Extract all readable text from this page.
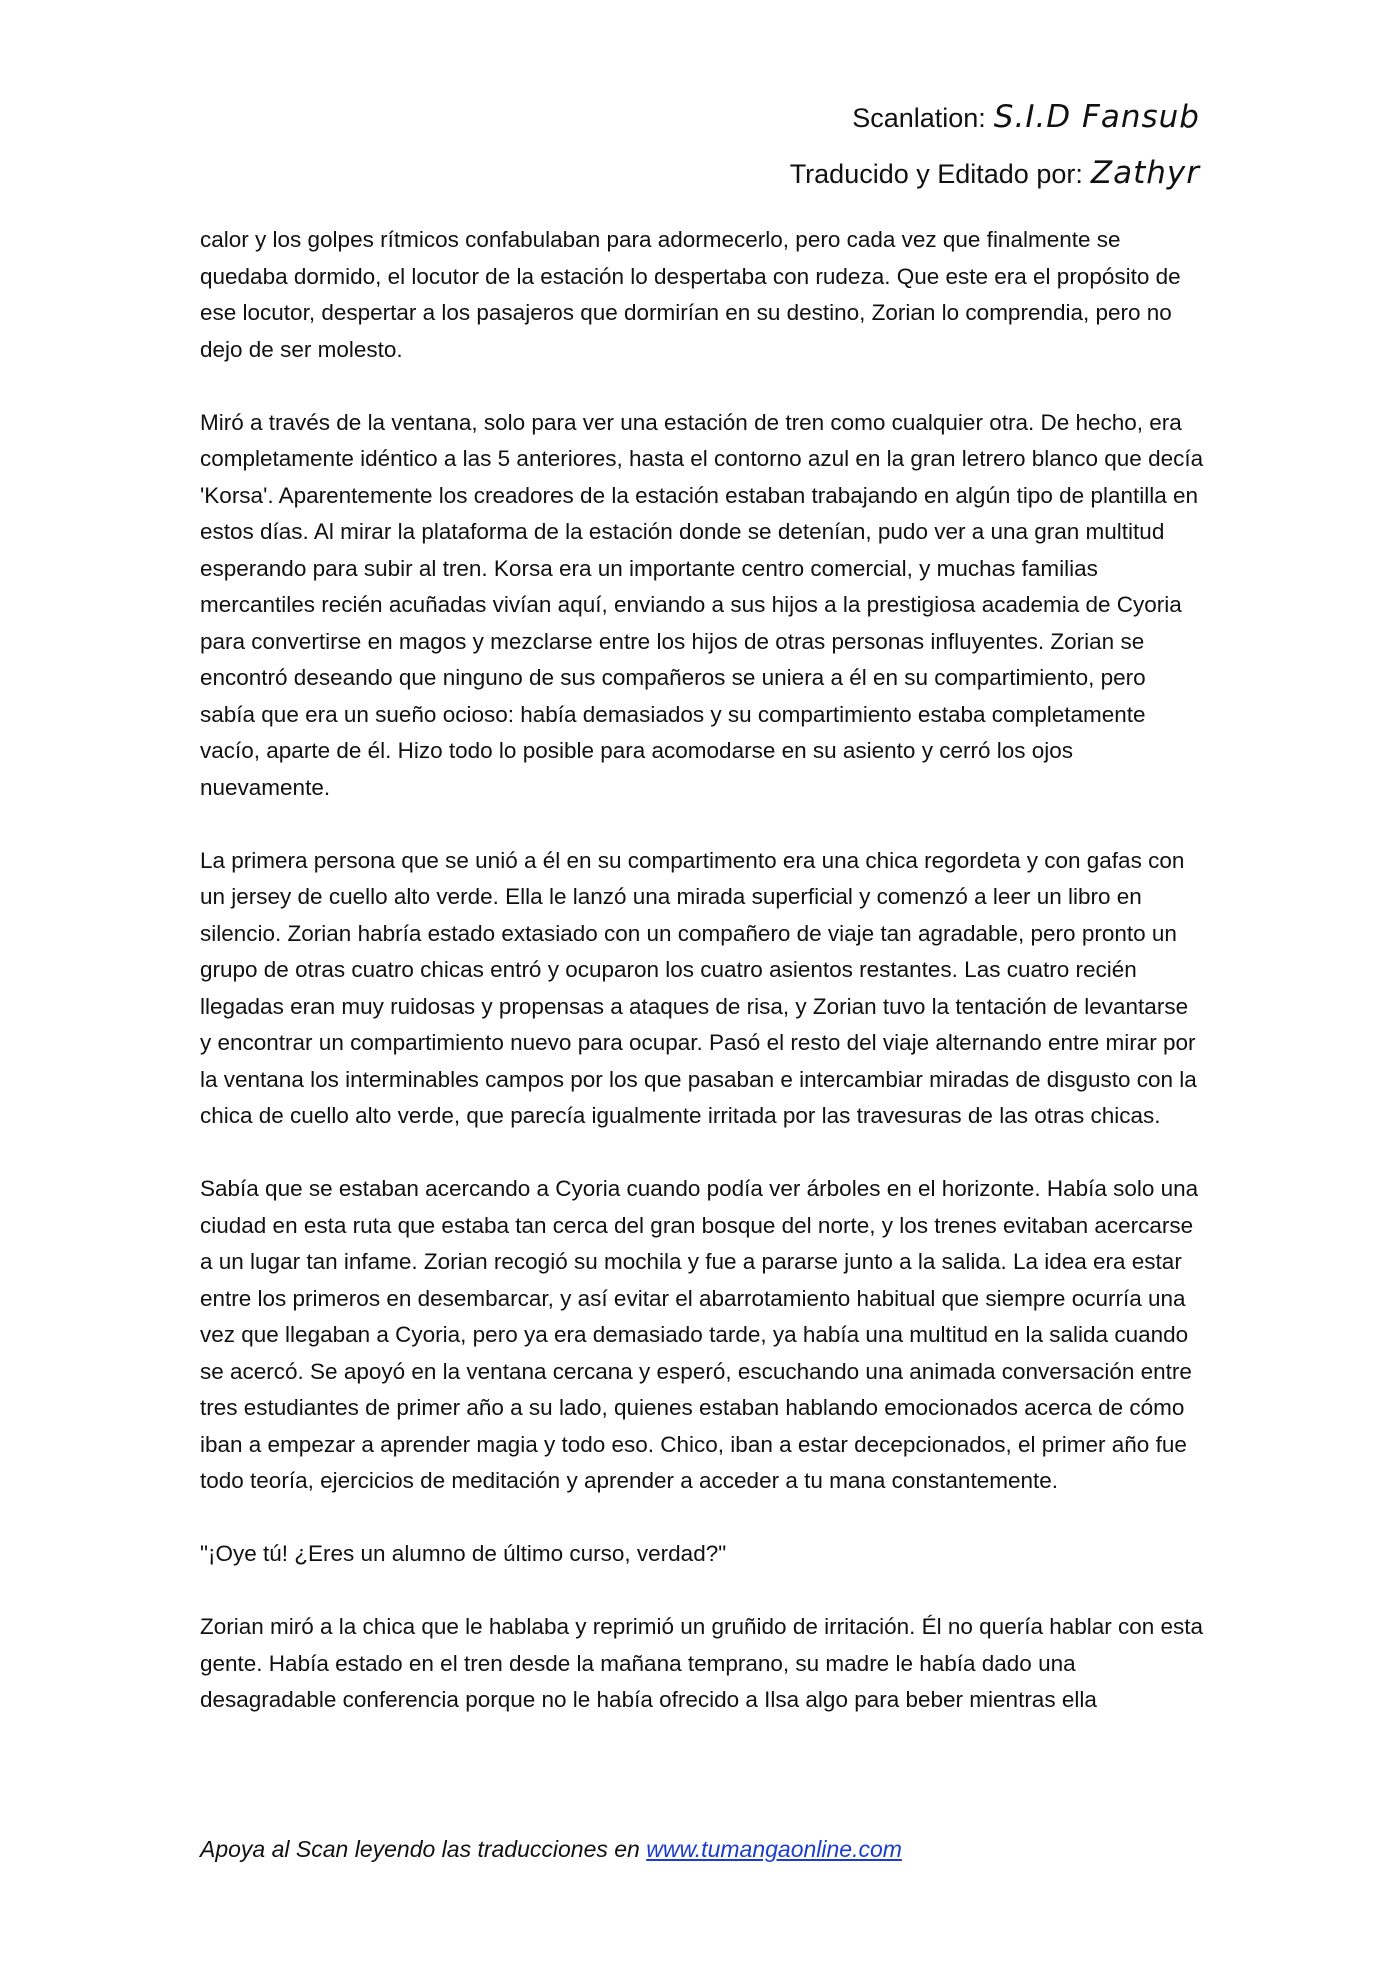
Scanlation: S.I.D Fansub
Traducido y Editado por: Zathyr

calor y los golpes rítmicos confabulaban para adormecerlo, pero cada vez que finalmente se quedaba dormido, el locutor de la estación lo despertaba con rudeza. Que este era el propósito de ese locutor, despertar a los pasajeros que dormirían en su destino, Zorian lo comprendia, pero no dejo de ser molesto.

Miró a través de la ventana, solo para ver una estación de tren como cualquier otra. De hecho, era completamente idéntico a las 5 anteriores, hasta el contorno azul en la gran letrero blanco que decía 'Korsa'. Aparentemente los creadores de la estación estaban trabajando en algún tipo de plantilla en estos días. Al mirar la plataforma de la estación donde se detenían, pudo ver a una gran multitud esperando para subir al tren. Korsa era un importante centro comercial, y muchas familias mercantiles recién acuñadas vivían aquí, enviando a sus hijos a la prestigiosa academia de Cyoria para convertirse en magos y mezclarse entre los hijos de otras personas influyentes. Zorian se encontró deseando que ninguno de sus compañeros se uniera a él en su compartimiento, pero sabía que era un sueño ocioso: había demasiados y su compartimiento estaba completamente vacío, aparte de él. Hizo todo lo posible para acomodarse en su asiento y cerró los ojos nuevamente.

La primera persona que se unió a él en su compartimento era una chica regordeta y con gafas con un jersey de cuello alto verde. Ella le lanzó una mirada superficial y comenzó a leer un libro en silencio. Zorian habría estado extasiado con un compañero de viaje tan agradable, pero pronto un grupo de otras cuatro chicas entró y ocuparon los cuatro asientos restantes. Las cuatro recién llegadas eran muy ruidosas y propensas a ataques de risa, y Zorian tuvo la tentación de levantarse y encontrar un compartimiento nuevo para ocupar. Pasó el resto del viaje alternando entre mirar por la ventana los interminables campos por los que pasaban e intercambiar miradas de disgusto con la chica de cuello alto verde, que parecía igualmente irritada por las travesuras de las otras chicas.

Sabía que se estaban acercando a Cyoria cuando podía ver árboles en el horizonte. Había solo una ciudad en esta ruta que estaba tan cerca del gran bosque del norte, y los trenes evitaban acercarse a un lugar tan infame. Zorian recogió su mochila y fue a pararse junto a la salida. La idea era estar entre los primeros en desembarcar, y así evitar el abarrotamiento habitual que siempre ocurría una vez que llegaban a Cyoria, pero ya era demasiado tarde, ya había una multitud en la salida cuando se acercó. Se apoyó en la ventana cercana y esperó, escuchando una animada conversación entre tres estudiantes de primer año a su lado, quienes estaban hablando emocionados acerca de cómo iban a empezar a aprender magia y todo eso. Chico, iban a estar decepcionados, el primer año fue todo teoría, ejercicios de meditación y aprender a acceder a tu mana constantemente.

"¡Oye tú! ¿Eres un alumno de último curso, verdad?"

Zorian miró a la chica que le hablaba y reprimió un gruñido de irritación. Él no quería hablar con esta gente. Había estado en el tren desde la mañana temprano, su madre le había dado una desagradable conferencia porque no le había ofrecido a Ilsa algo para beber mientras ella

Apoya al Scan leyendo las traducciones en www.tumangaonline.com
